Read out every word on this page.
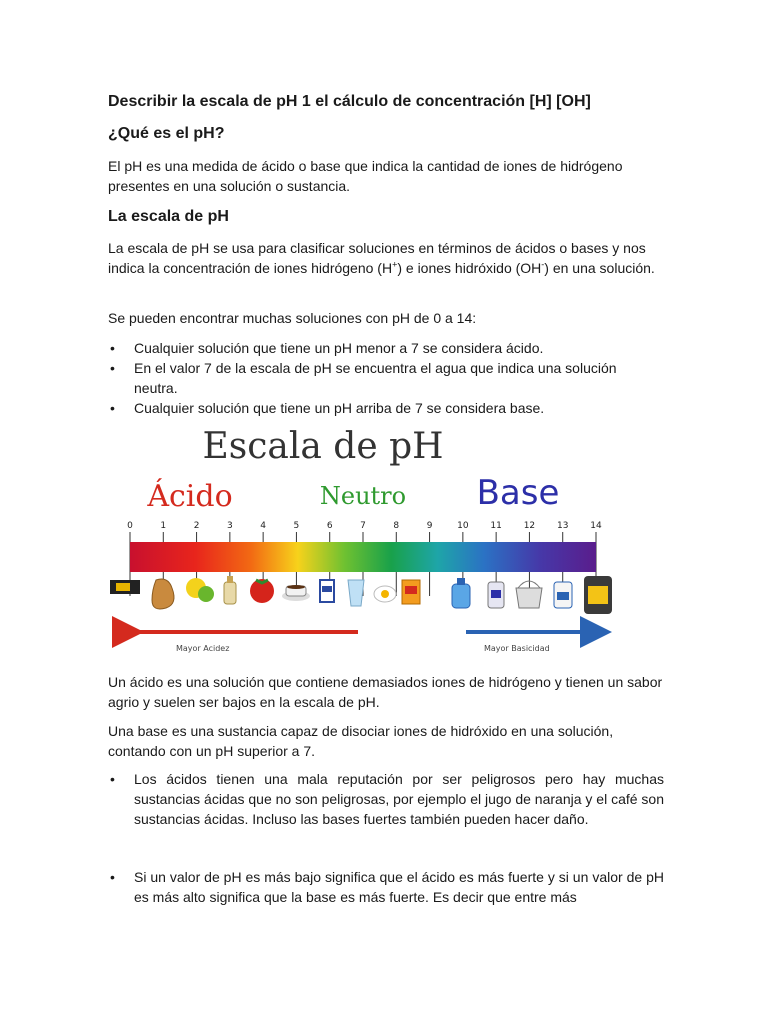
Describir la escala de pH 1 el cálculo de concentración [H] [OH]
¿Qué es el pH?

El pH es una medida de ácido o base que indica la cantidad de iones de hidrógeno presentes en una solución o sustancia.

La escala de pH

La escala de pH se usa para clasificar soluciones en términos de ácidos o bases y nos indica la concentración de iones hidrógeno (H+) e iones hidróxido (OH-) en una solución.

Se pueden encontrar muchas soluciones con pH de 0 a 14:

• Cualquier solución que tiene un pH menor a 7 se considera ácido.
• En el valor 7 de la escala de pH se encuentra el agua que indica una solución neutra.
• Cualquier solución que tiene un pH arriba de 7 se considera base.

Un ácido es una solución que contiene demasiados iones de hidrógeno y tienen un sabor agrio y suelen ser bajos en la escala de pH.

Una base es una sustancia capaz de disociar iones de hidróxido en una solución, contando con un pH superior a 7.

• Los ácidos tienen una mala reputación por ser peligrosos pero hay muchas sustancias ácidas que no son peligrosas, por ejemplo el jugo de naranja y el café son sustancias ácidas. Incluso las bases fuertes también pueden hacer daño.
• Si un valor de pH es más bajo significa que el ácido es más fuerte y si un valor de pH es más alto significa que la base es más fuerte. Es decir que entre más
Escala de pH
Ácido	Neutro Base
0	1	2	3	4	5	6	7	8	9	10 11 12 13 14
Mayor Acidez	Mayor Basicidad
